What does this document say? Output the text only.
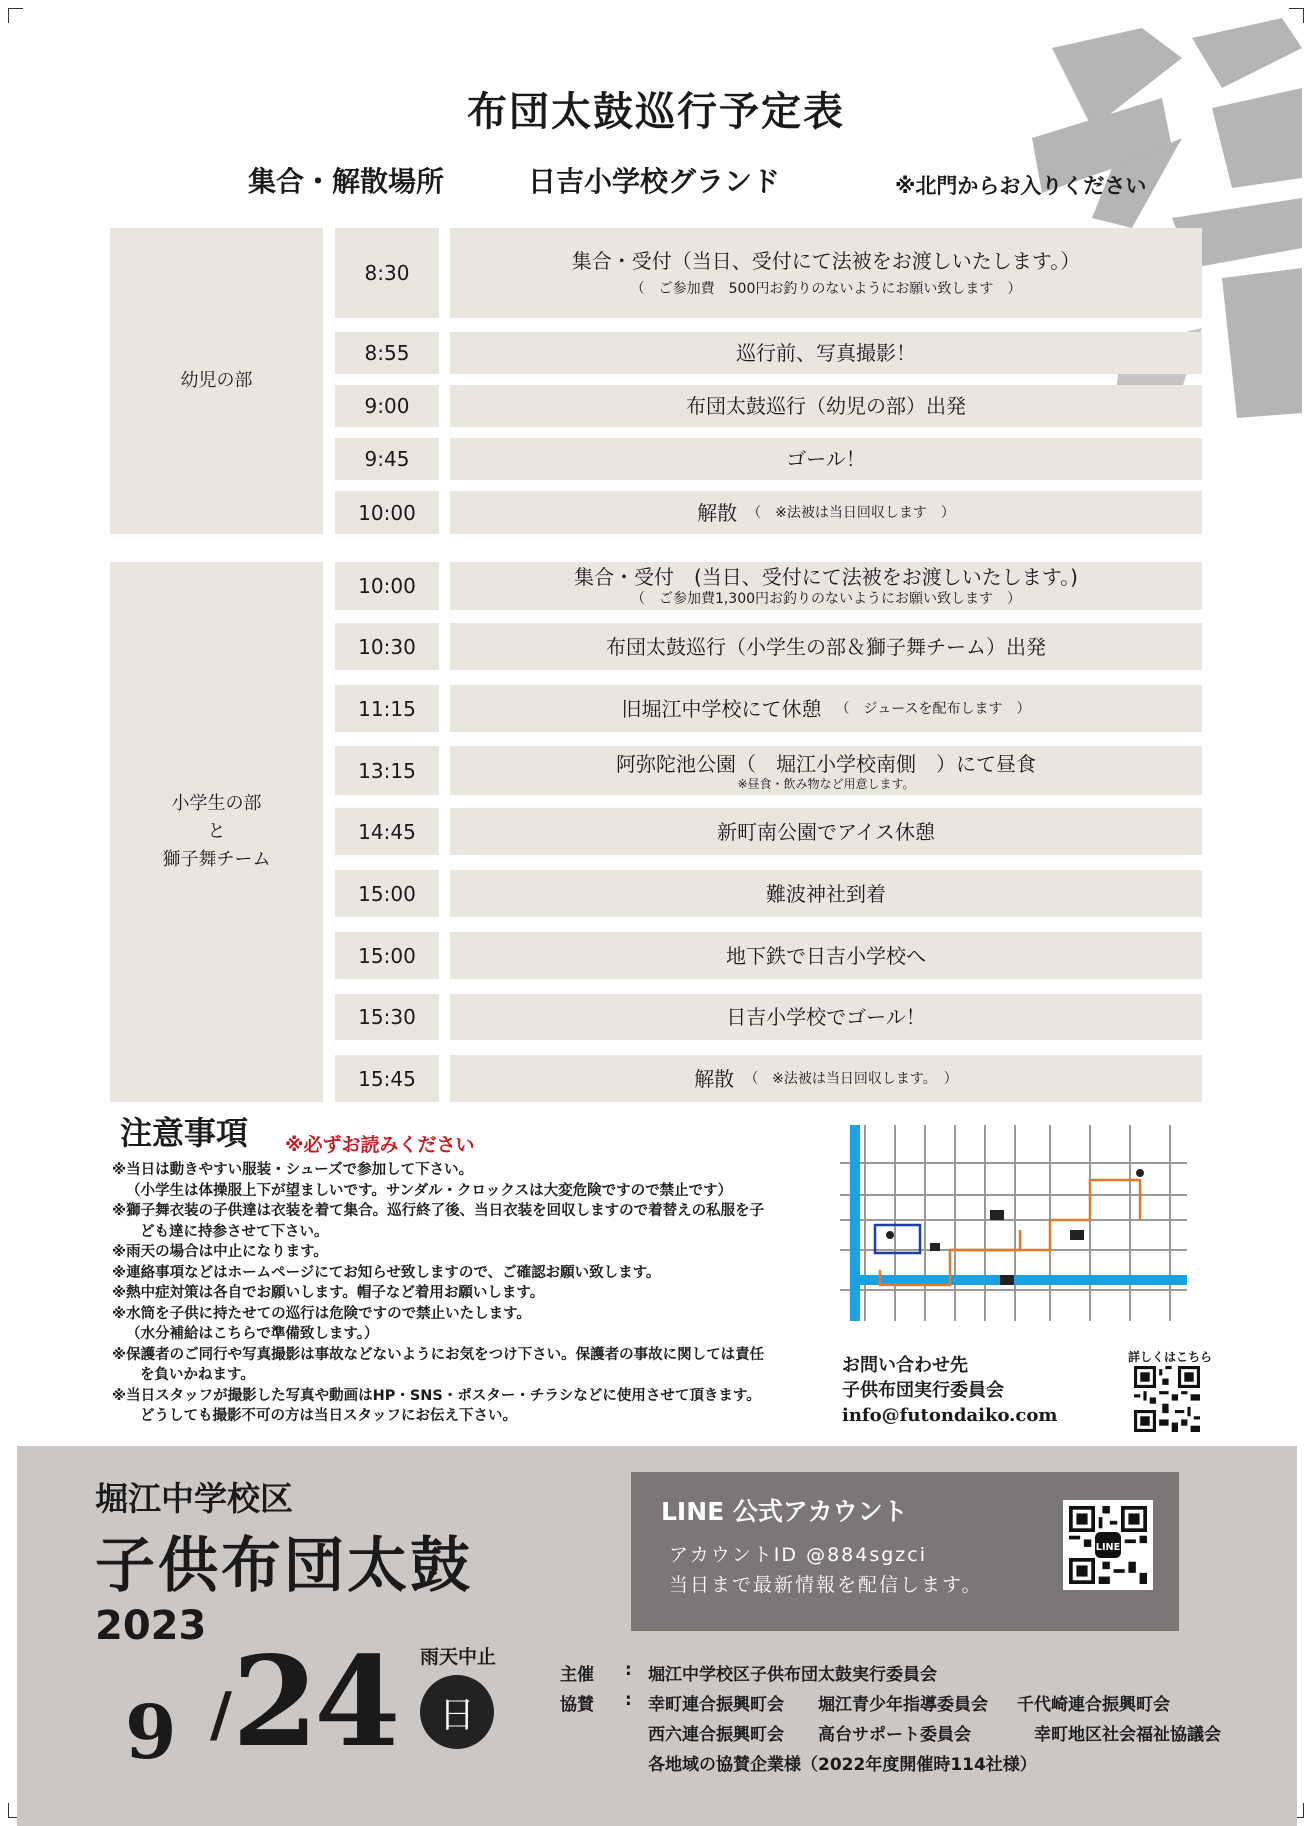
布団太鼓巡行予定表
集合・解散場所	日吉小学校グランド	※北門からお入りください
幼児の部
8:30	集合・受付（当日、受付にて法被をお渡しいたします。）
（　ご参加費　500円お釣りのないようにお願い致します　）
8:55	巡行前、写真撮影！
9:00	布団太鼓巡行（幼児の部）出発
9:45	ゴール！
10:00	解散 （　※法被は当日回収します　）
小学生の部
と
獅子舞チーム
10:00	集合・受付　(当日、受付にて法被をお渡しいたします。)
（　ご参加費1,300円お釣りのないようにお願い致します　）
10:30	布団太鼓巡行（小学生の部＆獅子舞チーム）出発
11:15	旧堀江中学校にて休憩 （　ジュースを配布します　）
13:15	阿弥陀池公園（　堀江小学校南側　）にて昼食
※昼食・飲み物など用意します。
14:45	新町南公園でアイス休憩
15:00	難波神社到着
15:00	地下鉄で日吉小学校へ
15:30	日吉小学校でゴール！
15:45	解散 （　※法被は当日回収します。　）
注意事項 ※必ずお読みください
※当日は動きやすい服装・シューズで参加して下さい。
（小学生は体操服上下が望ましいです。サンダル・クロックスは大変危険ですので禁止です）
※獅子舞衣装の子供達は衣装を着て集合。巡行終了後、当日衣装を回収しますので着替えの私服を子
ども達に持参させて下さい。
※雨天の場合は中止になります。
※連絡事項などはホームページにてお知らせ致しますので、ご確認お願い致します。
※熱中症対策は各自でお願いします。帽子など着用お願いします。
※水筒を子供に持たせての巡行は危険ですので禁止いたします。
（水分補給はこちらで準備致します。）
※保護者のご同行や写真撮影は事故などないようにお気をつけ下さい。保護者の事故に関しては責任
を負いかねます。
※当日スタッフが撮影した写真や動画はHP・SNS・ポスター・チラシなどに使用させて頂きます。
どうしても撮影不可の方は当日スタッフにお伝え下さい。
お問い合わせ先
子供布団実行委員会
info@futondaiko.com
詳しくはこちら
堀江中学校区
子供布団太鼓
2023
9 / 24 雨天中止
日
LINE 公式アカウント
アカウントID @884sgzci
当日まで最新情報を配信します。
LINE
主催 : 堀江中学校区子供布団太鼓実行委員会
協賛 : 幸町連合振興町会 堀江青少年指導委員会 千代崎連合振興町会
西六連合振興町会 高台サポート委員会	幸町地区社会福祉協議会
各地域の協賛企業様（2022年度開催時114社様）
